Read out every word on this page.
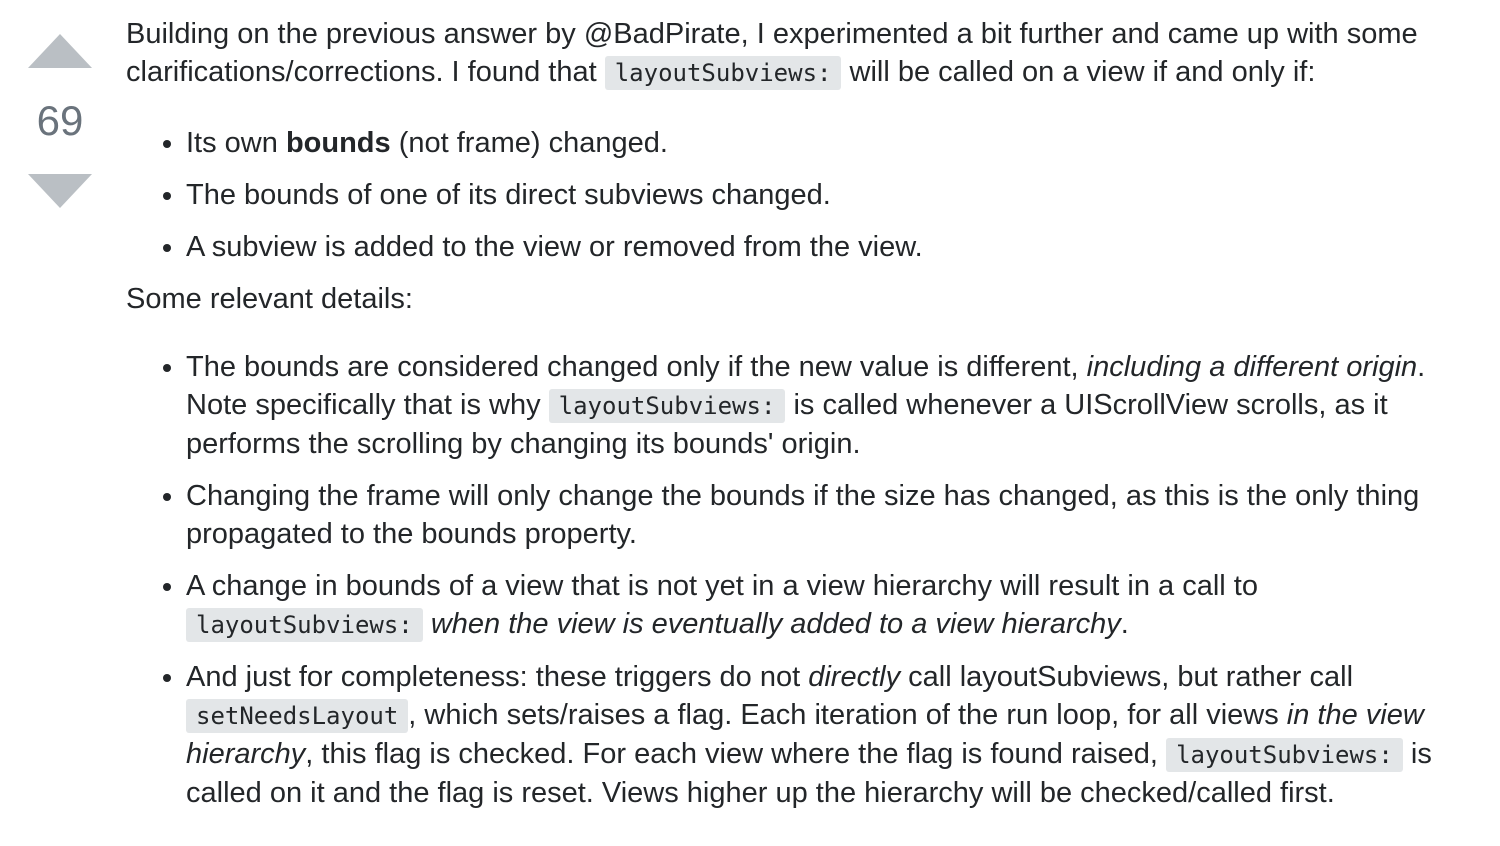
69

Building on the previous answer by @BadPirate, I experimented a bit further and came up with some clarifications/corrections. I found that layoutSubviews: will be called on a view if and only if:

• Its own bounds (not frame) changed.
• The bounds of one of its direct subviews changed.
• A subview is added to the view or removed from the view.

Some relevant details:

• The bounds are considered changed only if the new value is different, including a different origin. Note specifically that is why layoutSubviews: is called whenever a UIScrollView scrolls, as it performs the scrolling by changing its bounds' origin.
• Changing the frame will only change the bounds if the size has changed, as this is the only thing propagated to the bounds property.
• A change in bounds of a view that is not yet in a view hierarchy will result in a call to layoutSubviews: when the view is eventually added to a view hierarchy.
• And just for completeness: these triggers do not directly call layoutSubviews, but rather call setNeedsLayout , which sets/raises a flag. Each iteration of the run loop, for all views in the view hierarchy, this flag is checked. For each view where the flag is found raised, layoutSubviews: is called on it and the flag is reset. Views higher up the hierarchy will be checked/called first.
